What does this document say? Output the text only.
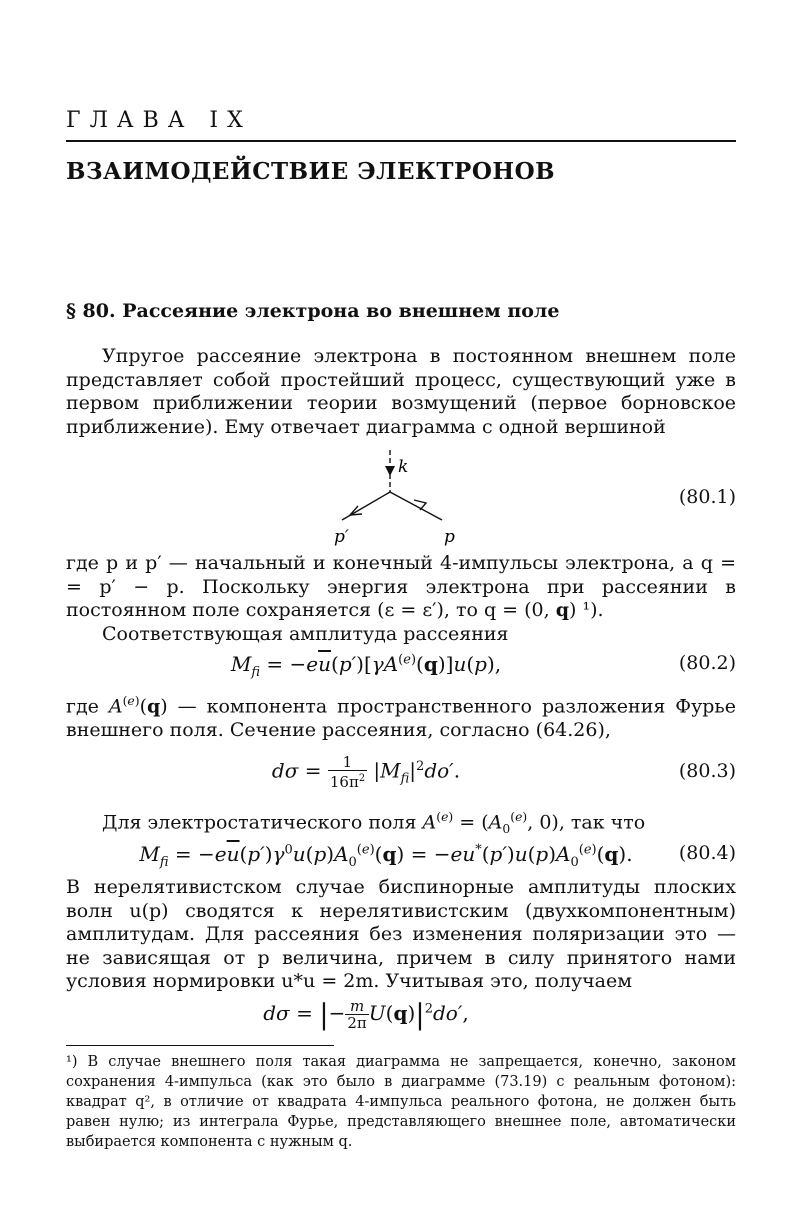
ГЛАВА IX
ВЗАИМОДЕЙСТВИЕ ЭЛЕКТРОНОВ
§ 80. Рассеяние электрона во внешнем поле
Упругое рассеяние электрона в постоянном внешнем поле представляет собой простейший процесс, существующий уже в первом приближении теории возмущений (первое борновское приближение). Ему отвечает диаграмма с одной вершиной
k
p′	p
(80.1)
где p и p′ — начальный и конечный 4-импульсы электрона, а q = = p′ − p. Поскольку энергия электрона при рассеянии в постоянном поле сохраняется (ε = ε′), то q = (0, q) ¹).
Соответствующая амплитуда рассеяния
$M_{fi} = -e\overline{u}(p')[\gamma A^{(e)}(q)]u(p)$,	(80.2)
где $A^{(e)}(q)$ — компонента пространственного разложения Фурье внешнего поля. Сечение рассеяния, согласно (64.26),
$d\sigma = \frac{1}{16\pi^2} |M_{fi}|^2do'$.	(80.3)
Для электростатического поля $A^{(e)} = (A_0^{(e)}$, 0), так что
$M_{fi} = -e\overline{u}(p')\gamma^0u(p)A_0^{(e)}(q) = -eu^*(p')u(p)A_0^{(e)}(q)$.	(80.4)
В нерелятивистском случае биспинорные амплитуды плоских волн u(p) сводятся к нерелятивистским (двухкомпонентным) амплитудам. Для рассеяния без изменения поляризации это — не зависящая от p величина, причем в силу принятого нами условия нормировки u*u = 2m. Учитывая это, получаем
dσ = |− $\frac{m}{2\pi} U(q)|^2do'$,
¹) В случае внешнего поля такая диаграмма не запрещается, конечно, законом сохранения 4-импульса (как это было в диаграмме (73.19) с реальным фотоном): квадрат q², в отличие от квадрата 4-импульса реального фотона, не должен быть равен нулю; из интеграла Фурье, представляющего внешнее поле, автоматически выбирается компонента с нужным q.
